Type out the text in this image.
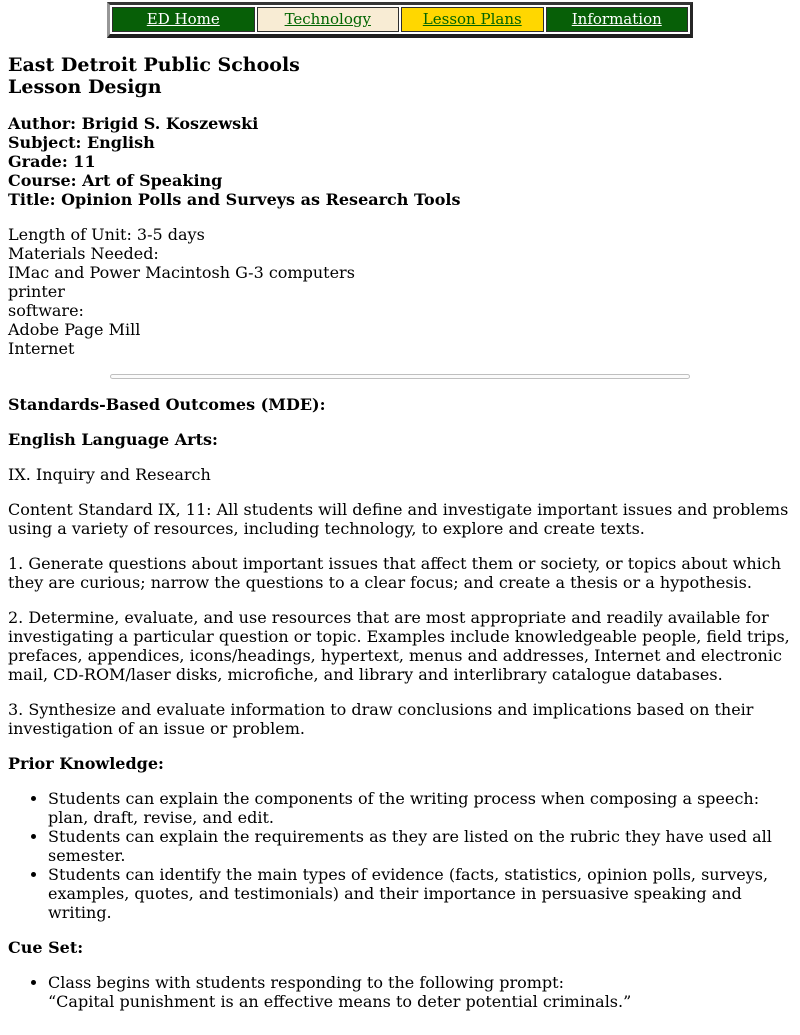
ED Home	Technology	Lesson Plans	Information

East Detroit Public Schools
Lesson Design

Author: Brigid S. Koszewski
Subject: English
Grade: 11
Course: Art of Speaking
Title: Opinion Polls and Surveys as Research Tools

Length of Unit: 3-5 days
Materials Needed:
IMac and Power Macintosh G-3 computers
printer
software:
Adobe Page Mill
Internet

Standards-Based Outcomes (MDE):

English Language Arts:

IX. Inquiry and Research

Content Standard IX, 11: All students will define and investigate important issues and problems using a variety of resources, including technology, to explore and create texts.

1. Generate questions about important issues that affect them or society, or topics about which they are curious; narrow the questions to a clear focus; and create a thesis or a hypothesis.

2. Determine, evaluate, and use resources that are most appropriate and readily available for investigating a particular question or topic. Examples include knowledgeable people, field trips, prefaces, appendices, icons/headings, hypertext, menus and addresses, Internet and electronic mail, CD-ROM/laser disks, microfiche, and library and interlibrary catalogue databases.

3. Synthesize and evaluate information to draw conclusions and implications based on their investigation of an issue or problem.

Prior Knowledge:

• Students can explain the components of the writing process when composing a speech: plan, draft, revise, and edit.
• Students can explain the requirements as they are listed on the rubric they have used all semester.
• Students can identify the main types of evidence (facts, statistics, opinion polls, surveys, examples, quotes, and testimonials) and their importance in persuasive speaking and writing.

Cue Set:

• Class begins with students responding to the following prompt:
“Capital punishment is an effective means to deter potential criminals.”
